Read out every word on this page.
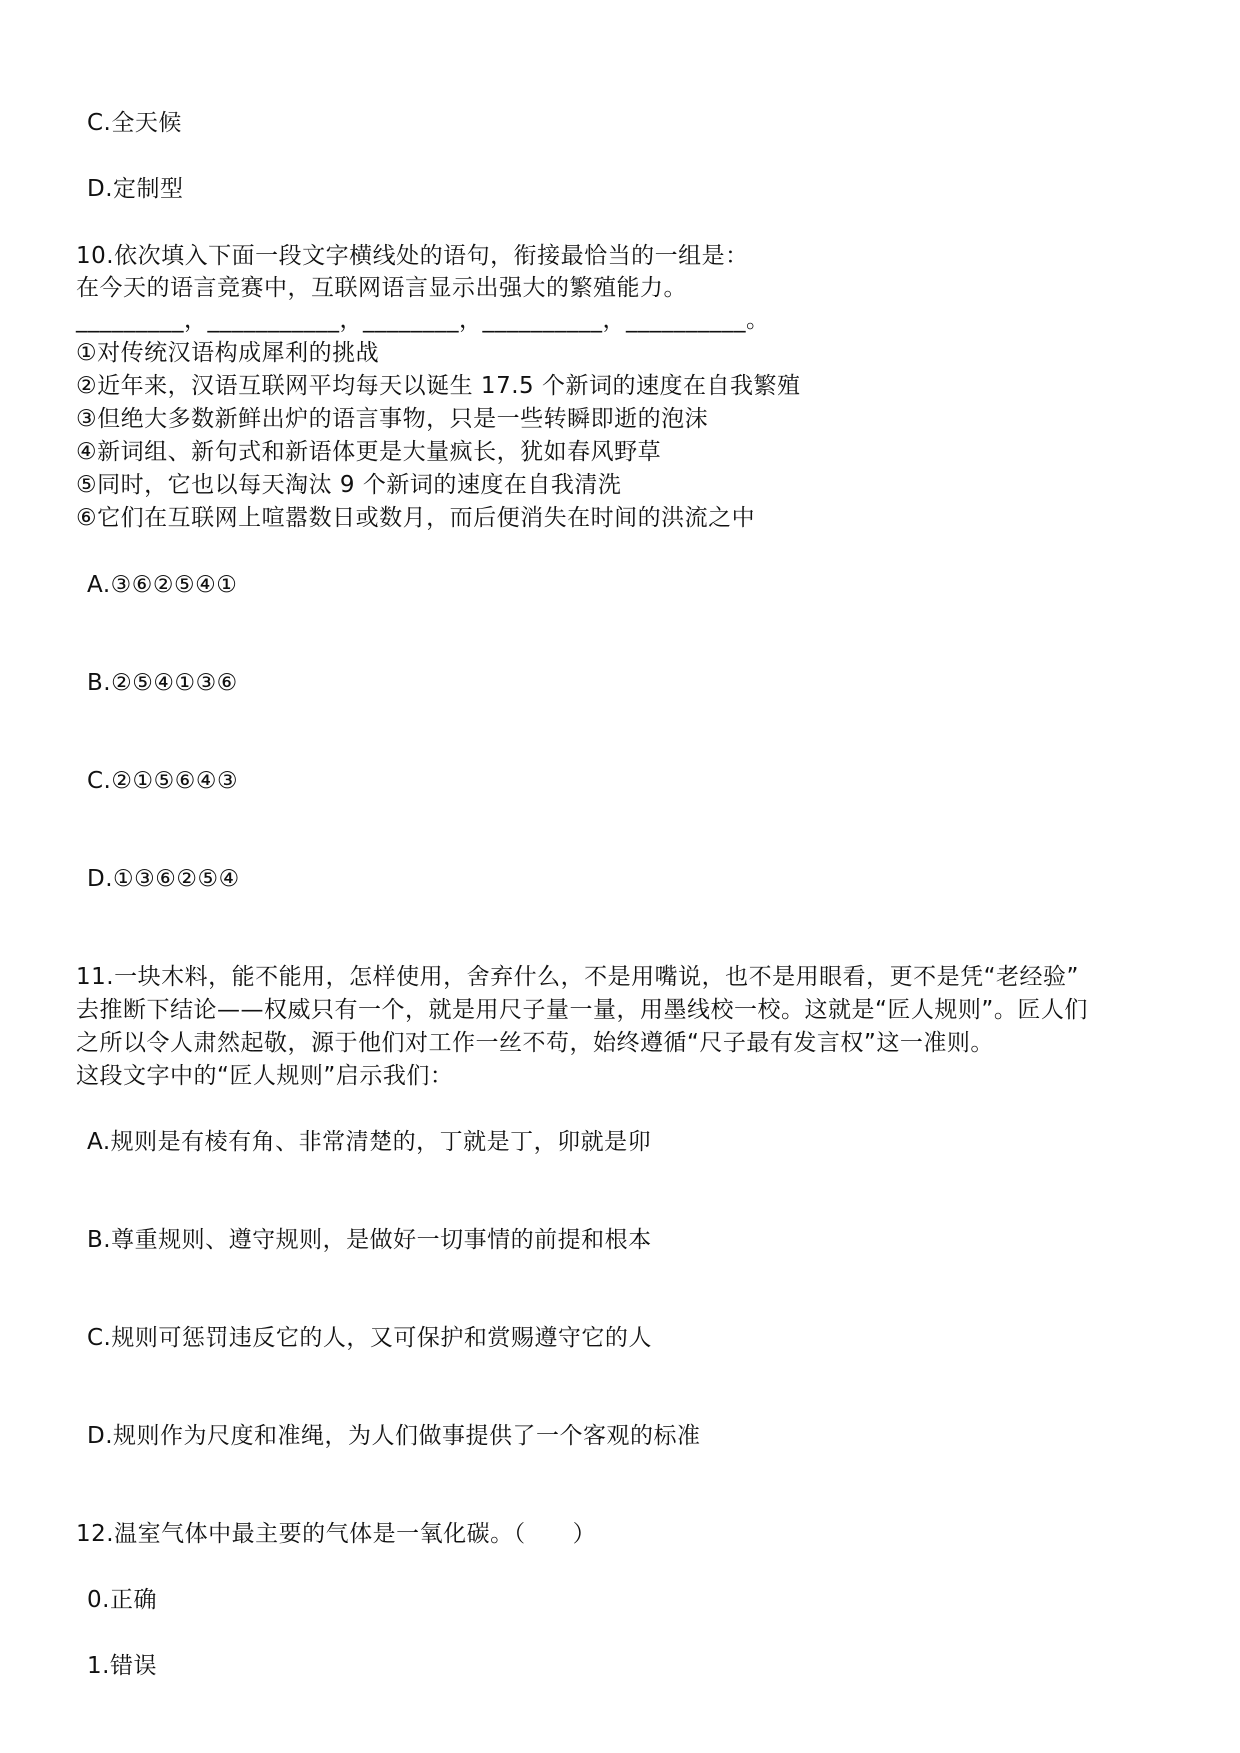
C.全天候
D.定制型
10.依次填入下面一段文字横线处的语句，衔接最恰当的一组是：
在今天的语言竞赛中，互联网语言显示出强大的繁殖能力。
_________，___________，________，__________，__________。
①对传统汉语构成犀利的挑战
②近年来，汉语互联网平均每天以诞生 17.5 个新词的速度在自我繁殖
③但绝大多数新鲜出炉的语言事物，只是一些转瞬即逝的泡沫
④新词组、新句式和新语体更是大量疯长，犹如春风野草
⑤同时，它也以每天淘汰 9 个新词的速度在自我清洗
⑥它们在互联网上喧嚣数日或数月，而后便消失在时间的洪流之中
A.③⑥②⑤④①
B.②⑤④①③⑥
C.②①⑤⑥④③
D.①③⑥②⑤④
11.一块木料，能不能用，怎样使用，舍弃什么，不是用嘴说，也不是用眼看，更不是凭“老经验”
去推断下结论——权威只有一个，就是用尺子量一量，用墨线校一校。这就是“匠人规则”。匠人们
之所以令人肃然起敬，源于他们对工作一丝不苟，始终遵循“尺子最有发言权”这一准则。
这段文字中的“匠人规则”启示我们：
A.规则是有棱有角、非常清楚的，丁就是丁，卯就是卯
B.尊重规则、遵守规则，是做好一切事情的前提和根本
C.规则可惩罚违反它的人，又可保护和赏赐遵守它的人
D.规则作为尺度和准绳，为人们做事提供了一个客观的标准
12.温室气体中最主要的气体是一氧化碳。（　　）
0.正确
1.错误
